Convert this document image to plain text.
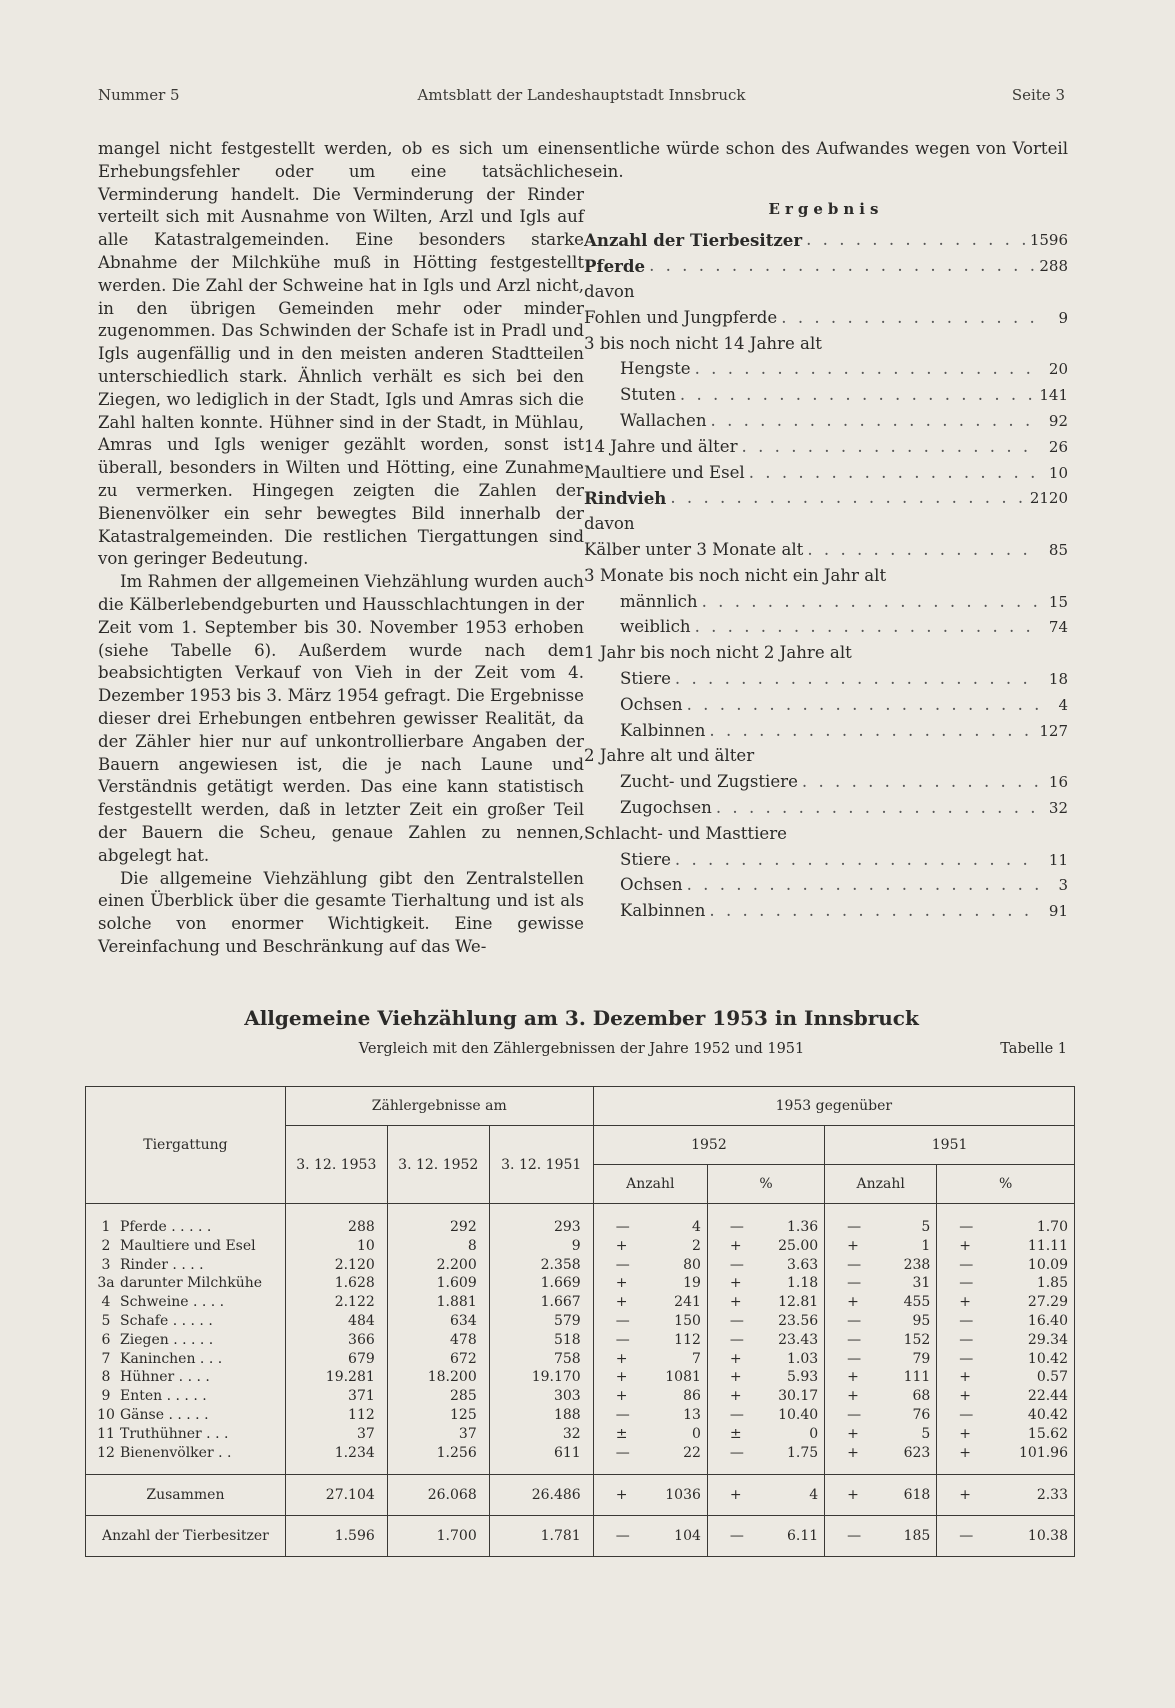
Nummer 5	Amtsblatt der Landeshauptstadt Innsbruck	Seite 3

mangel nicht festgestellt werden, ob es sich um einen Erhebungsfehler oder um eine tatsächliche Verminderung handelt. Die Verminderung der Rinder verteilt sich mit Ausnahme von Wilten, Arzl und Igls auf alle Katastralgemeinden. Eine besonders starke Abnahme der Milchkühe muß in Hötting festgestellt werden. Die Zahl der Schweine hat in Igls und Arzl nicht, in den übrigen Gemeinden mehr oder minder zugenommen. Das Schwinden der Schafe ist in Pradl und Igls augenfällig und in den meisten anderen Stadtteilen unterschiedlich stark. Ähnlich verhält es sich bei den Ziegen, wo lediglich in der Stadt, Igls und Amras sich die Zahl halten konnte. Hühner sind in der Stadt, in Mühlau, Amras und Igls weniger gezählt worden, sonst ist überall, besonders in Wilten und Hötting, eine Zunahme zu vermerken. Hingegen zeigten die Zahlen der Bienenvölker ein sehr bewegtes Bild innerhalb der Katastralgemeinden. Die restlichen Tiergattungen sind von geringer Bedeutung.

Im Rahmen der allgemeinen Viehzählung wurden auch die Kälberlebendgeburten und Hausschlachtungen in der Zeit vom 1. September bis 30. November 1953 erhoben (siehe Tabelle 6). Außerdem wurde nach dem beabsichtigten Verkauf von Vieh in der Zeit vom 4. Dezember 1953 bis 3. März 1954 gefragt. Die Ergebnisse dieser drei Erhebungen entbehren gewisser Realität, da der Zähler hier nur auf unkontrollierbare Angaben der Bauern angewiesen ist, die je nach Laune und Verständnis getätigt werden. Das eine kann statistisch festgestellt werden, daß in letzter Zeit ein großer Teil der Bauern die Scheu, genaue Zahlen zu nennen, abgelegt hat.

Die allgemeine Viehzählung gibt den Zentralstellen einen Überblick über die gesamte Tierhaltung und ist als solche von enormer Wichtigkeit. Eine gewisse Vereinfachung und Beschränkung auf das We-

sentliche würde schon des Aufwandes wegen von Vorteil sein.

Ergebnis
Anzahl der Tierbesitzer . . .	1596
Pferde . . .	288
davon
Fohlen und Jungpferde . . .	9
3 bis noch nicht 14 Jahre alt
Hengste . . .	20
Stuten . . .	141
Wallachen . . .	92
14 Jahre und älter . . .	26
Maultiere und Esel . . .	10
Rindvieh . . .	2120
davon
Kälber unter 3 Monate alt . . .	85
3 Monate bis noch nicht ein Jahr alt
männlich . . .	15
weiblich . . .	74
1 Jahr bis noch nicht 2 Jahre alt
Stiere . . .	18
Ochsen . . .	4
Kalbinnen . . .	127
2 Jahre alt und älter
Zucht- und Zugstiere . . .	16
Zugochsen . . .	32
Schlacht- und Masttiere
Stiere . . .	11
Ochsen . . .	3
Kalbinnen . . .	91
Allgemeine Viehzählung am 3. Dezember 1953 in Innsbruck
Vergleich mit den Zählergebnissen der Jahre 1952 und 1951	Tabelle 1
Tiergattung	Zählergebnisse am			1953 gegenüber			
	3. 12. 1953	3. 12. 1952	3. 12. 1951	1952		1951	
				Anzahl	%	Anzahl	%
1 Pferde . . . . .	288	292	293	— 4	— 1.36	— 5	— 1.70

2 Maultiere und Esel	10	8	9	+ 2	+ 25.00	+ 1	+ 11.11

3 Rinder . . . .	2.120	2.200	2.358	— 80	— 3.63	— 238	— 10.09

3a darunter Milchkühe	1.628	1.609	1.669	+ 19	+ 1.18	— 31	— 1.85

4 Schweine . . . .	2.122	1.881	1.667	+ 241	+ 12.81	+ 455	+ 27.29

5 Schafe . . . . .	484	634	579	— 150	— 23.56	— 95	— 16.40

6 Ziegen . . . . .	366	478	518	— 112	— 23.43	— 152	— 29.34

7 Kaninchen . . .	679	672	758	+ 7	+ 1.03	— 79	— 10.42

8 Hühner . . . .	19.281	18.200	19.170	+ 1081	+ 5.93	+ 111	+ 0.57

9 Enten . . . . .	371	285	303	+ 86	+ 30.17	+ 68	+ 22.44

10 Gänse . . . . .	112	125	188	— 13	— 10.40	— 76	— 40.42

11 Truthühner . . .	37	37	32	± 0	± 0	+ 5	+ 15.62

12 Bienenvölker . .	1.234	1.256	611	— 22	— 1.75	+ 623	+ 101.96

Zusammen	27.104	26.068	26.486	+ 1036	+ 4	+ 618	+ 2.33

Anzahl der Tierbesitzer	1.596	1.700	1.781	— 104	— 6.11	— 185	— 10.38
